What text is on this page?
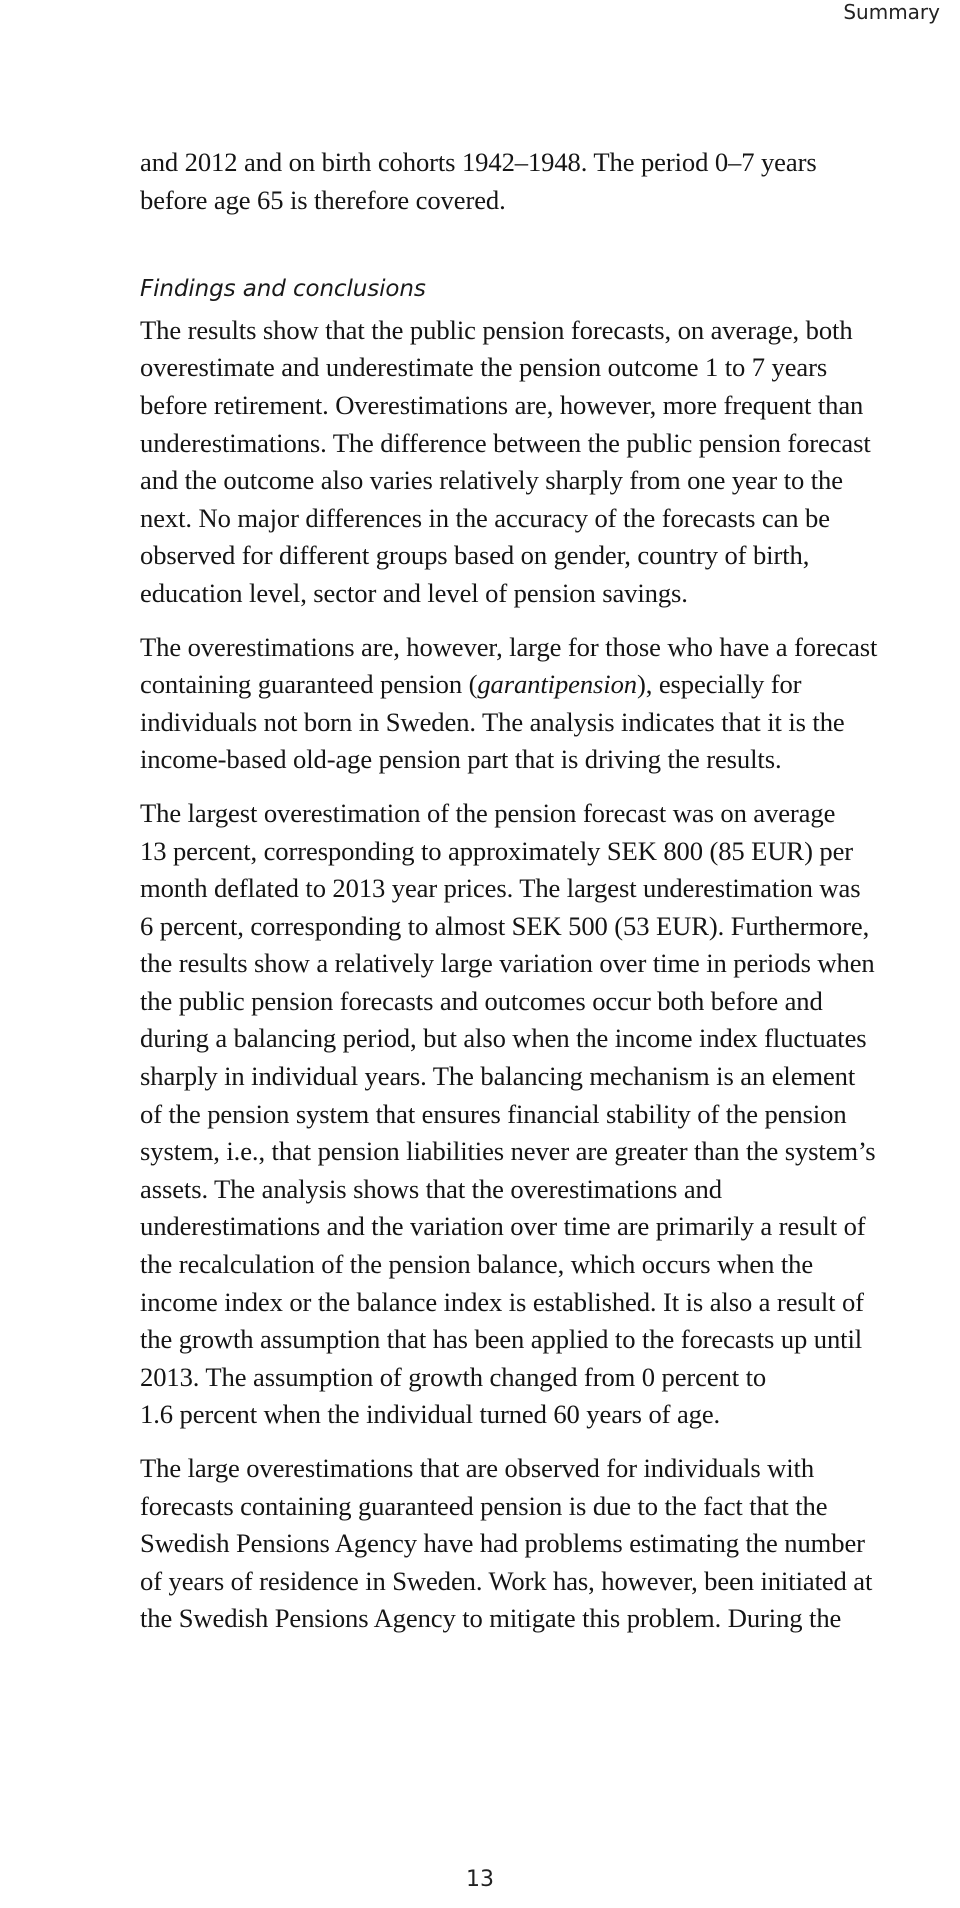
Summary

and 2012 and on birth cohorts 1942–1948. The period 0–7 years
before age 65 is therefore covered.

Findings and conclusions

The results show that the public pension forecasts, on average, both
overestimate and underestimate the pension outcome 1 to 7 years
before retirement. Overestimations are, however, more frequent than
underestimations. The difference between the public pension forecast
and the outcome also varies relatively sharply from one year to the
next. No major differences in the accuracy of the forecasts can be
observed for different groups based on gender, country of birth,
education level, sector and level of pension savings.

The overestimations are, however, large for those who have a forecast
containing guaranteed pension (garantipension), especially for
individuals not born in Sweden. The analysis indicates that it is the
income-based old-age pension part that is driving the results.

The largest overestimation of the pension forecast was on average
13 percent, corresponding to approximately SEK 800 (85 EUR) per
month deflated to 2013 year prices. The largest underestimation was
6 percent, corresponding to almost SEK 500 (53 EUR). Furthermore,
the results show a relatively large variation over time in periods when
the public pension forecasts and outcomes occur both before and
during a balancing period, but also when the income index fluctuates
sharply in individual years. The balancing mechanism is an element
of the pension system that ensures financial stability of the pension
system, i.e., that pension liabilities never are greater than the system’s
assets. The analysis shows that the overestimations and
underestimations and the variation over time are primarily a result of
the recalculation of the pension balance, which occurs when the
income index or the balance index is established. It is also a result of
the growth assumption that has been applied to the forecasts up until
2013. The assumption of growth changed from 0 percent to
1.6 percent when the individual turned 60 years of age.

The large overestimations that are observed for individuals with
forecasts containing guaranteed pension is due to the fact that the
Swedish Pensions Agency have had problems estimating the number
of years of residence in Sweden. Work has, however, been initiated at
the Swedish Pensions Agency to mitigate this problem. During the

13
